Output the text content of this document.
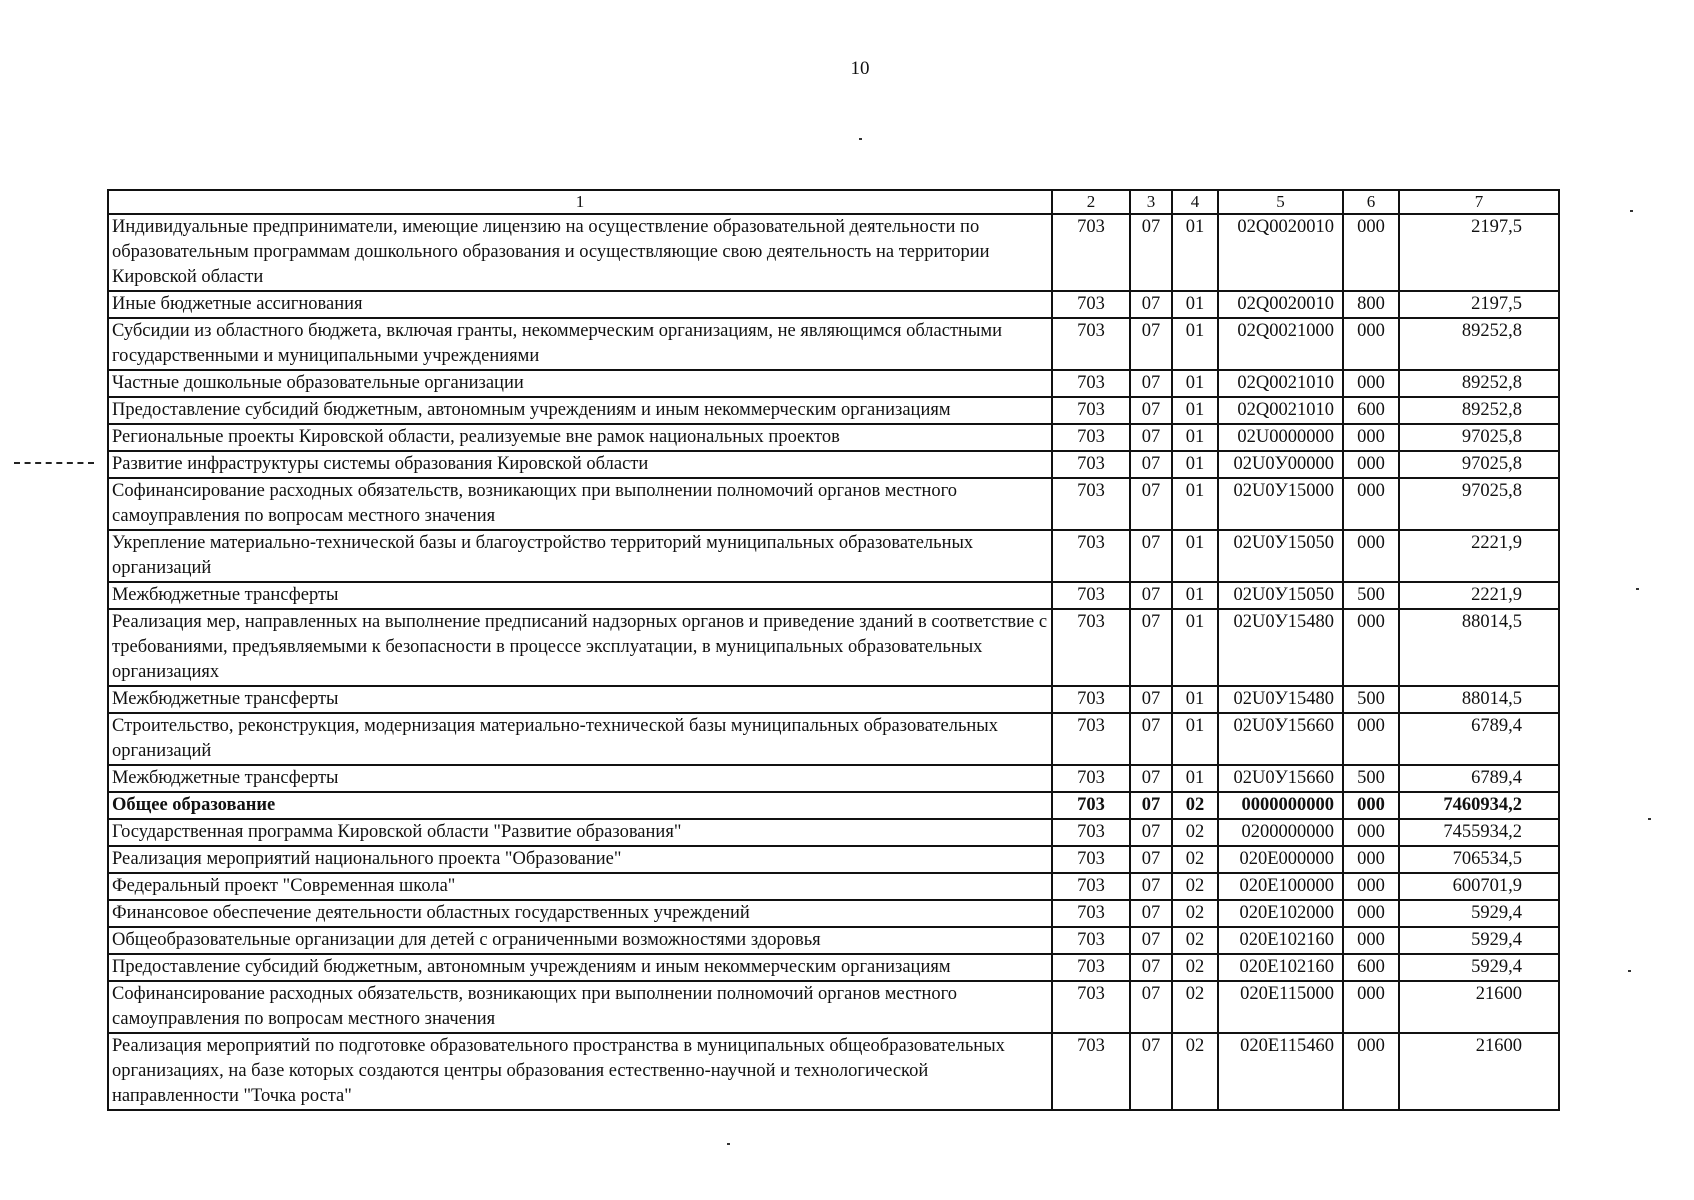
10
1	2	3	4	5	6	7
Индивидуальные предприниматели, имеющие лицензию на осуществление образовательной деятельности по образовательным программам дошкольного образования и осуществляющие свою деятельность на территории Кировской области	703	07	01	02Q0020010	000	2197,5
Иные бюджетные ассигнования	703	07	01	02Q0020010	800	2197,5
Субсидии из областного бюджета, включая гранты, некоммерческим организациям, не являющимся областными государственными и муниципальными учреждениями	703	07	01	02Q0021000	000	89252,8
Частные дошкольные образовательные организации	703	07	01	02Q0021010	000	89252,8
Предоставление субсидий бюджетным, автономным учреждениям и иным некоммерческим организациям	703	07	01	02Q0021010	600	89252,8
Региональные проекты Кировской области, реализуемые вне рамок национальных проектов	703	07	01	02U0000000	000	97025,8
Развитие инфраструктуры системы образования Кировской области	703	07	01	02U0У00000	000	97025,8
Софинансирование расходных обязательств, возникающих при выполнении полномочий органов местного самоуправления по вопросам местного значения	703	07	01	02U0У15000	000	97025,8
Укрепление материально-технической базы и благоустройство территорий муниципальных образовательных организаций	703	07	01	02U0У15050	000	2221,9
Межбюджетные трансферты	703	07	01	02U0У15050	500	2221,9
Реализация мер, направленных на выполнение предписаний надзорных органов и приведение зданий в соответствие с требованиями, предъявляемыми к безопасности в процессе эксплуатации, в муниципальных образовательных организациях	703	07	01	02U0У15480	000	88014,5
Межбюджетные трансферты	703	07	01	02U0У15480	500	88014,5
Строительство, реконструкция, модернизация материально-технической базы муниципальных образовательных организаций	703	07	01	02U0У15660	000	6789,4
Межбюджетные трансферты	703	07	01	02U0У15660	500	6789,4
Общее образование	703	07	02	0000000000	000	7460934,2
Государственная программа Кировской области "Развитие образования"	703	07	02	0200000000	000	7455934,2
Реализация мероприятий национального проекта "Образование"	703	07	02	020E000000	000	706534,5
Федеральный проект "Современная школа"	703	07	02	020E100000	000	600701,9
Финансовое обеспечение деятельности областных государственных учреждений	703	07	02	020E102000	000	5929,4
Общеобразовательные организации для детей с ограниченными возможностями здоровья	703	07	02	020E102160	000	5929,4
Предоставление субсидий бюджетным, автономным учреждениям и иным некоммерческим организациям	703	07	02	020E102160	600	5929,4
Софинансирование расходных обязательств, возникающих при выполнении полномочий органов местного самоуправления по вопросам местного значения	703	07	02	020E115000	000	21600
Реализация мероприятий по подготовке образовательного пространства в муниципальных общеобразовательных организациях, на базе которых создаются центры образования естественно-научной и технологической направленности "Точка роста"	703	07	02	020E115460	000	21600
